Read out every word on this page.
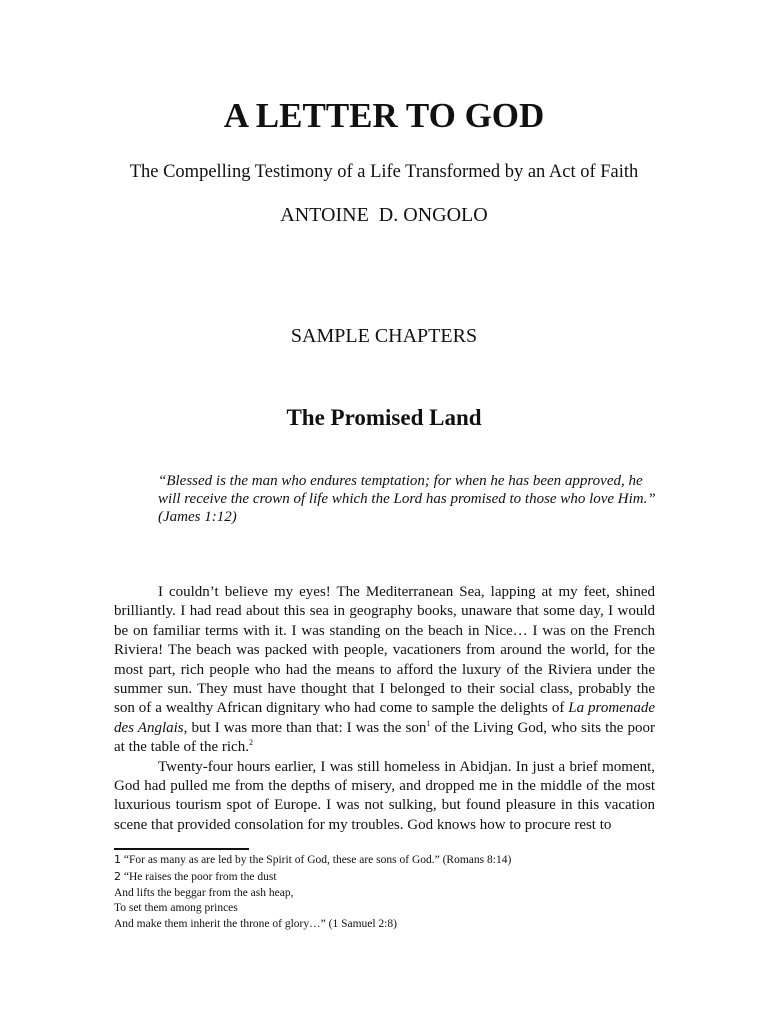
A LETTER TO GOD
The Compelling Testimony of a Life Transformed by an Act of Faith
ANTOINE  D. ONGOLO
SAMPLE CHAPTERS
The Promised Land

“Blessed is the man who endures temptation; for when he has been approved, he will receive the crown of life which the Lord has promised to those who love Him.”

(James 1:12)

I couldn’t believe my eyes! The Mediterranean Sea, lapping at my feet, shined brilliantly. I had read about this sea in geography books, unaware that some day, I would be on familiar terms with it. I was standing on the beach in Nice… I was on the French Riviera! The beach was packed with people, vacationers from around the world, for the most part, rich people who had the means to afford the luxury of the Riviera under the summer sun. They must have thought that I belonged to their social class, probably the son of a wealthy African dignitary who had come to sample the delights of La promenade des Anglais, but I was more than that: I was the son$^1$ of the Living God, who sits the poor at the table of the rich.$^2$

Twenty-four hours earlier, I was still homeless in Abidjan. In just a brief moment, God had pulled me from the depths of misery, and dropped me in the middle of the most luxurious tourism spot of Europe. I was not sulking, but found pleasure in this vacation scene that provided consolation for my troubles. God knows how to procure rest to

1 “For as many as are led by the Spirit of God, these are sons of God.” (Romans 8:14)
2 “He raises the poor from the dust
And lifts the beggar from the ash heap,
To set them among princes
And make them inherit the throne of glory…” (1 Samuel 2:8)
